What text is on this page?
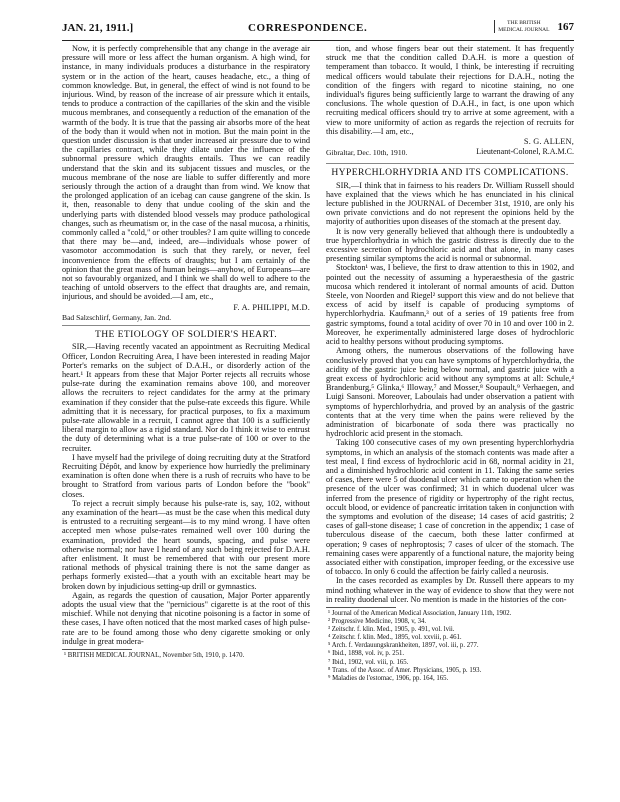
JAN. 21, 1911.]	CORRESPONDENCE.	THE BRITISH
MEDICAL JOURNAL 167

Now, it is perfectly comprehensible that any change in the average air pressure will more or less affect the human organism. A high wind, for instance, in many individuals produces a disturbance in the respiratory system or in the action of the heart, causes headache, etc., a thing of common knowledge. But, in general, the effect of wind is not found to be injurious. Wind, by reason of the increase of air pressure which it entails, tends to produce a contraction of the capillaries of the skin and the visible mucous membranes, and consequently a reduction of the emanation of the warmth of the body. It is true that the passing air absorbs more of the heat of the body than it would when not in motion. But the main point in the question under discussion is that under increased air pressure due to wind the capillaries contract, while they dilate under the influence of the subnormal pressure which draughts entails. Thus we can readily understand that the skin and its subjacent tissues and muscles, or the mucous membrane of the nose are liable to suffer differently and more seriously through the action of a draught than from wind. We know that the prolonged application of an icebag can cause gangrene of the skin. Is it, then, reasonable to deny that undue cooling of the skin and the underlying parts with distended blood vessels may produce pathological changes, such as rheumatism or, in the case of the nasal mucosa, a rhinitis, commonly called a "cold," or other troubles? I am quite willing to concede that there may be—and, indeed, are—individuals whose power of vasomotor accommodation is such that they rarely, or never, feel inconvenience from the effects of draughts; but I am certainly of the opinion that the great mass of human beings—anyhow, of Europeans—are not so favourably organized, and I think we shall do well to adhere to the teaching of untold observers to the effect that draughts are, and remain, injurious, and should be avoided.—I am, etc.,

F. A. PHILIPPI, M.D.
Bad Salzschlirf, Germany, Jan. 2nd.
THE ETIOLOGY OF SOLDIER'S HEART.

SIR,—Having recently vacated an appointment as Recruiting Medical Officer, London Recruiting Area, I have been interested in reading Major Porter's remarks on the subject of D.A.H., or disorderly action of the heart.¹ It appears from these that Major Porter rejects all recruits whose pulse-rate during the examination remains above 100, and moreover allows the recruiters to reject candidates for the army at the primary examination if they consider that the pulse-rate exceeds this figure. While admitting that it is necessary, for practical purposes, to fix a maximum pulse-rate allowable in a recruit, I cannot agree that 100 is a sufficiently liberal margin to allow as a rigid standard. Nor do I think it wise to entrust the duty of determining what is a true pulse-rate of 100 or over to the recruiter.

I have myself had the privilege of doing recruiting duty at the Stratford Recruiting Dépôt, and know by experience how hurriedly the preliminary examination is often done when there is a rush of recruits who have to be brought to Stratford from various parts of London before the "book" closes.

To reject a recruit simply because his pulse-rate is, say, 102, without any examination of the heart—as must be the case when this medical duty is entrusted to a recruiting sergeant—is to my mind wrong. I have often accepted men whose pulse-rates remained well over 100 during the examination, provided the heart sounds, spacing, and pulse were otherwise normal; nor have I heard of any such being rejected for D.A.H. after enlistment. It must be remembered that with our present more rational methods of physical training there is not the same danger as perhaps formerly existed—that a youth with an excitable heart may be broken down by injudicious setting-up drill or gymnastics.

Again, as regards the question of causation, Major Porter apparently adopts the usual view that the "pernicious" cigarette is at the root of this mischief. While not denying that nicotine poisoning is a factor in some of these cases, I have often noticed that the most marked cases of high pulse-rate are to be found among those who deny cigarette smoking or only indulge in great modera-

¹ BRITISH MEDICAL JOURNAL, November 5th, 1910, p. 1470.

tion, and whose fingers bear out their statement. It has frequently struck me that the condition called D.A.H. is more a question of temperament than tobacco. It would, I think, be interesting if recruiting medical officers would tabulate their rejections for D.A.H., noting the condition of the fingers with regard to nicotine staining, no one individual's figures being sufficiently large to warrant the drawing of any conclusions. The whole question of D.A.H., in fact, is one upon which recruiting medical officers should try to arrive at some agreement, with a view to more uniformity of action as regards the rejection of recruits for this disability.—I am, etc.,

S. G. ALLEN,
Gibraltar, Dec. 10th, 1910.	Lieutenant-Colonel, R.A.M.C.
HYPERCHLORHYDRIA AND ITS COMPLICATIONS.

SIR,—I think that in fairness to his readers Dr. William Russell should have explained that the views which he has enunciated in his clinical lecture published in the JOURNAL of December 31st, 1910, are only his own private convictions and do not represent the opinions held by the majority of authorities upon diseases of the stomach at the present day.

It is now very generally believed that although there is undoubtedly a true hyperchlorhydria in which the gastric distress is directly due to the excessive secretion of hydrochloric acid and that alone, in many cases presenting similar symptoms the acid is normal or subnormal.

Stockton¹ was, I believe, the first to draw attention to this in 1902, and pointed out the necessity of assuming a hyperaesthesia of the gastric mucosa which rendered it intolerant of normal amounts of acid. Dutton Steele, von Noorden and Riegel² support this view and do not believe that excess of acid by itself is capable of producing symptoms of hyperchlorhydria. Kaufmann,³ out of a series of 19 patients free from gastric symptoms, found a total acidity of over 70 in 10 and over 100 in 2. Moreover, he experimentally administered large doses of hydrochloric acid to healthy persons without producing symptoms.

Among others, the numerous observations of the following have conclusively proved that you can have symptoms of hyperchlorhydria, the acidity of the gastric juice being below normal, and gastric juice with a great excess of hydrochloric acid without any symptoms at all: Schule,⁴ Brandenburg,⁵ Glinka,⁶ Illoway,⁷ and Mosser,⁸ Soupault,⁹ Verhaegen, and Luigi Sansoni. Moreover, Laboulais had under observation a patient with symptoms of hyperchlorhydria, and proved by an analysis of the gastric contents that at the very time when the pains were relieved by the administration of bicarbonate of soda there was practically no hydrochloric acid present in the stomach.

Taking 100 consecutive cases of my own presenting hyperchlorhydria symptoms, in which an analysis of the stomach contents was made after a test meal, I find excess of hydrochloric acid in 68, normal acidity in 21, and a diminished hydrochloric acid content in 11. Taking the same series of cases, there were 5 of duodenal ulcer which came to operation when the presence of the ulcer was confirmed; 31 in which duodenal ulcer was inferred from the presence of rigidity or hypertrophy of the right rectus, occult blood, or evidence of pancreatic irritation taken in conjunction with the symptoms and evolution of the disease; 14 cases of acid gastritis; 2 cases of gall-stone disease; 1 case of concretion in the appendix; 1 case of tuberculous disease of the caecum, both these latter confirmed at operation; 9 cases of nephroptosis; 7 cases of ulcer of the stomach. The remaining cases were apparently of a functional nature, the majority being associated either with constipation, improper feeding, or the excessive use of tobacco. In only 6 could the affection be fairly called a neurosis.

In the cases recorded as examples by Dr. Russell there appears to my mind nothing whatever in the way of evidence to show that they were not in reality duodenal ulcer. No mention is made in the histories of the con-

¹ Journal of the American Medical Association, January 11th, 1902.
² Progressive Medicine, 1908, v, 34.
³ Zeitschr. f. klin. Med., 1905, p. 491, vol. lvii.
⁴ Zeitschr. f. klin. Med., 1895, vol. xxviii, p. 461.
⁵ Arch. f. Verdauungskrankheiten, 1897, vol. iii, p. 277.
⁶ Ibid., 1898, vol. iv, p. 251.
⁷ Ibid., 1902, vol. viii, p. 165.
⁸ Trans. of the Assoc. of Amer. Physicians, 1905, p. 193.
⁹ Maladies de l'estomac, 1906, pp. 164, 165.
